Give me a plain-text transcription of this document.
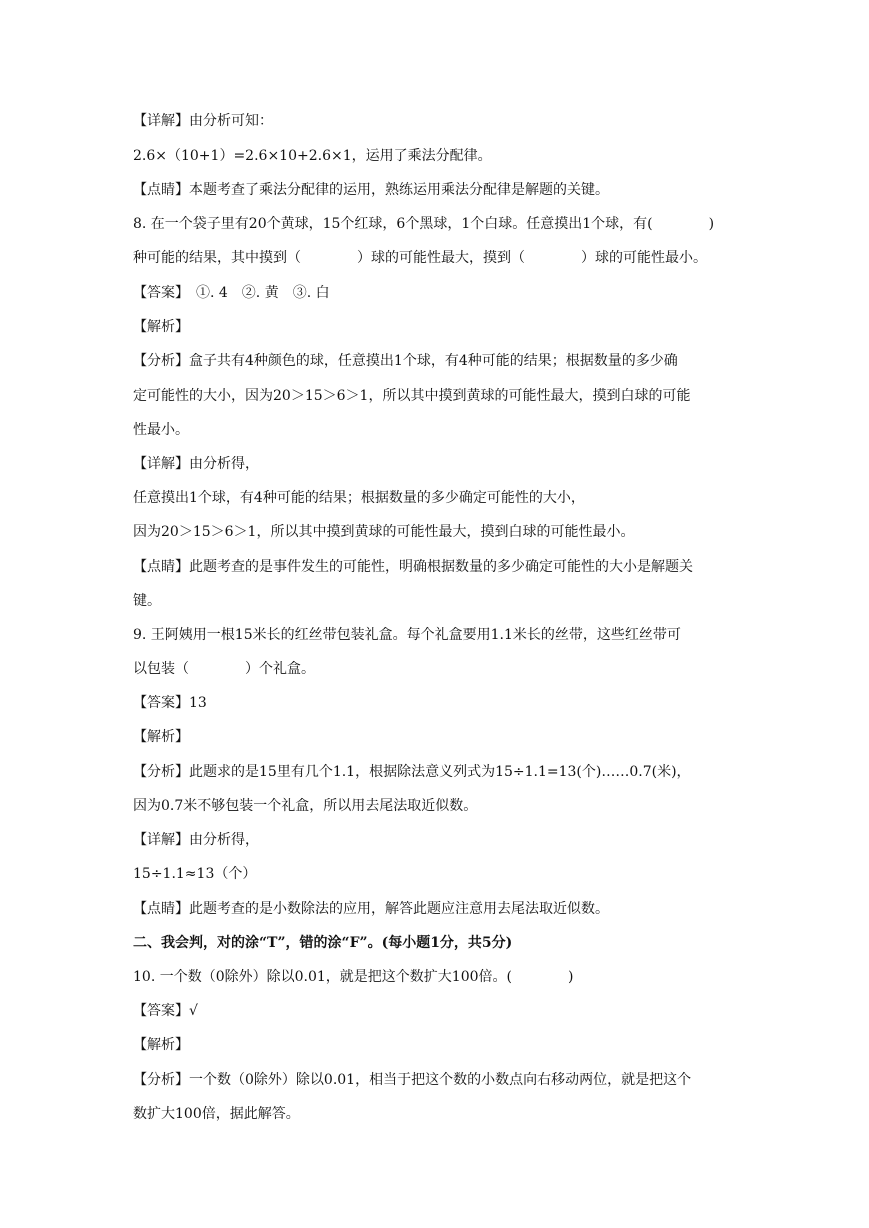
【详解】由分析可知：
2.6×（10+1）=2.6×10+2.6×1，运用了乘法分配律。
【点睛】本题考查了乘法分配律的运用，熟练运用乘法分配律是解题的关键。
8. 在一个袋子里有20个黄球，15个红球，6个黑球，1个白球。任意摸出1个球，有(　　　　)
种可能的结果，其中摸到（　　　　）球的可能性最大，摸到（　　　　）球的可能性最小。
【答案】　①. 4　②. 黄　③. 白
【解析】
【分析】盒子共有4种颜色的球，任意摸出1个球，有4种可能的结果；根据数量的多少确
定可能性的大小，因为20＞15＞6＞1，所以其中摸到黄球的可能性最大，摸到白球的可能
性最小。
【详解】由分析得，
任意摸出1个球，有4种可能的结果；根据数量的多少确定可能性的大小，
因为20＞15＞6＞1，所以其中摸到黄球的可能性最大，摸到白球的可能性最小。
【点睛】此题考查的是事件发生的可能性，明确根据数量的多少确定可能性的大小是解题关
键。
9. 王阿姨用一根15米长的红丝带包装礼盒。每个礼盒要用1.1米长的丝带，这些红丝带可
以包装（　　　　）个礼盒。
【答案】13
【解析】
【分析】此题求的是15里有几个1.1，根据除法意义列式为15÷1.1=13(个)……0.7(米)，
因为0.7米不够包装一个礼盒，所以用去尾法取近似数。
【详解】由分析得，
15÷1.1≈13（个）
【点睛】此题考查的是小数除法的应用，解答此题应注意用去尾法取近似数。
二、我会判，对的涂“T”，错的涂“F”。(每小题1分，共5分)
10. 一个数（0除外）除以0.01，就是把这个数扩大100倍。(　　　　)
【答案】√
【解析】
【分析】一个数（0除外）除以0.01，相当于把这个数的小数点向右移动两位，就是把这个
数扩大100倍，据此解答。
